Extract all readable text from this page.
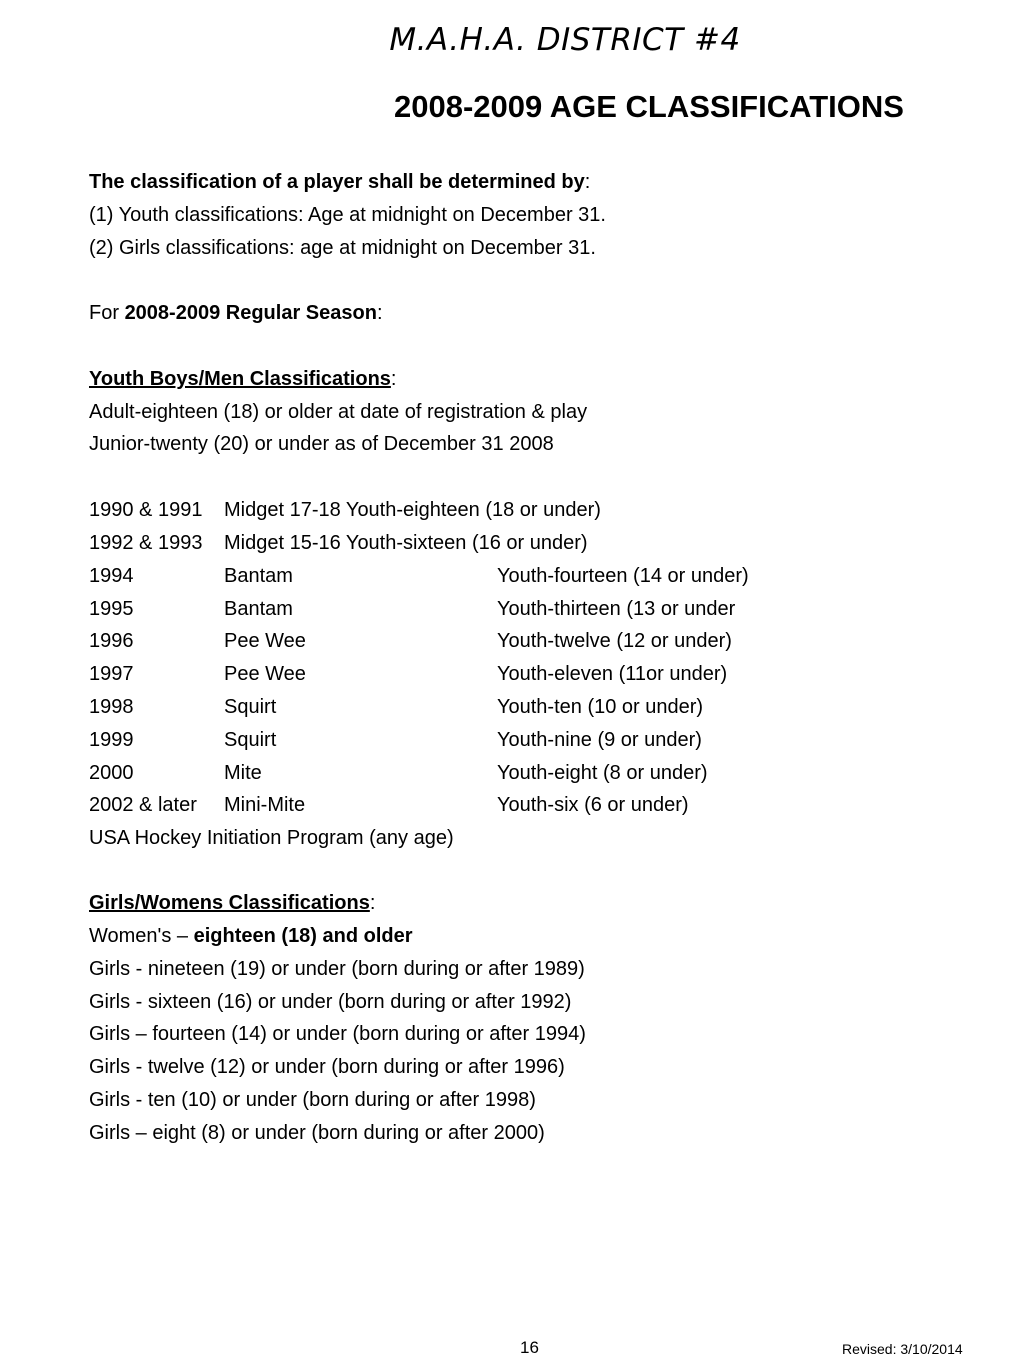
M.A.H.A. DISTRICT #4
2008-2009 AGE CLASSIFICATIONS
The classification of a player shall be determined by:
(1) Youth classifications: Age at midnight on December 31.
(2) Girls classifications: age at midnight on December 31.
For 2008-2009 Regular Season:
Youth Boys/Men Classifications:
Adult-eighteen (18) or older at date of registration & play
Junior-twenty (20) or under as of December 31 2008
1990 & 1991 Midget 17-18 Youth-eighteen (18 or under)
1992 & 1993 Midget 15-16 Youth-sixteen (16 or under)
1994	Bantam	Youth-fourteen (14 or under)
1995	Bantam	Youth-thirteen (13 or under
1996	Pee Wee	Youth-twelve (12 or under)
1997	Pee Wee	Youth-eleven (11or under)
1998	Squirt	Youth-ten (10 or under)
1999	Squirt	Youth-nine (9 or under)
2000	Mite	Youth-eight (8 or under)
2002 & later Mini-Mite	Youth-six (6 or under)
USA Hockey Initiation Program (any age)
Girls/Womens Classifications:
Women's – eighteen (18) and older
Girls - nineteen (19) or under (born during or after 1989)
Girls - sixteen (16) or under (born during or after 1992)
Girls – fourteen (14) or under (born during or after 1994)
Girls - twelve (12) or under (born during or after 1996)
Girls - ten (10) or under (born during or after 1998)
Girls – eight (8) or under (born during or after 2000)
16	Revised: 3/10/2014
